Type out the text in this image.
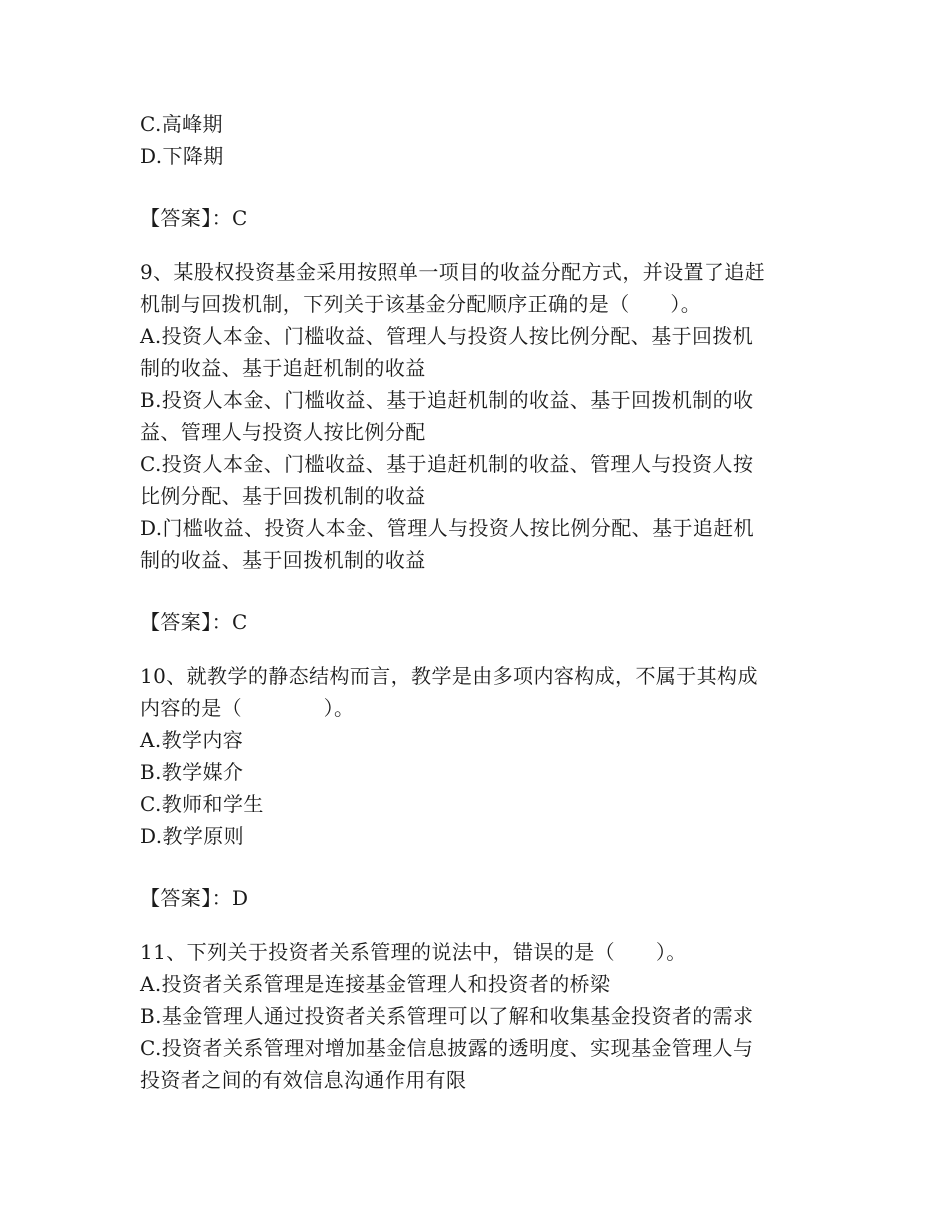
C.高峰期
D.下降期
【答案】：C
9、某股权投资基金采用按照单一项目的收益分配方式，并设置了追赶
机制与回拨机制，下列关于该基金分配顺序正确的是（　　）。
A.投资人本金、门槛收益、管理人与投资人按比例分配、基于回拨机
制的收益、基于追赶机制的收益
B.投资人本金、门槛收益、基于追赶机制的收益、基于回拨机制的收
益、管理人与投资人按比例分配
C.投资人本金、门槛收益、基于追赶机制的收益、管理人与投资人按
比例分配、基于回拨机制的收益
D.门槛收益、投资人本金、管理人与投资人按比例分配、基于追赶机
制的收益、基于回拨机制的收益
【答案】：C
10、就教学的静态结构而言，教学是由多项内容构成，不属于其构成
内容的是（　　　　）。
A.教学内容
B.教学媒介
C.教师和学生
D.教学原则
【答案】：D
11、下列关于投资者关系管理的说法中，错误的是（　　）。
A.投资者关系管理是连接基金管理人和投资者的桥梁
B.基金管理人通过投资者关系管理可以了解和收集基金投资者的需求
C.投资者关系管理对增加基金信息披露的透明度、实现基金管理人与
投资者之间的有效信息沟通作用有限
